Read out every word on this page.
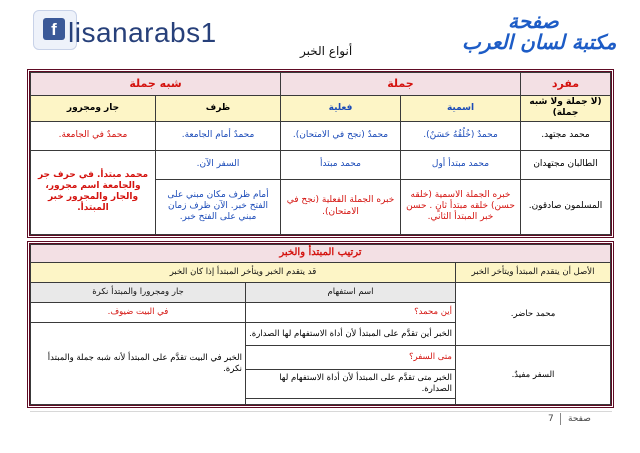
f lisanarabs1	صفحة
مكتبة لسان العرب
أنواع الخبر
مفرد	جملة		شبه جملة	
(لا جملة ولا شبه جملة)	اسمية	فعلية	ظرف	جار ومجرور
محمد مجتهد.	محمدٌ (خُلُقُهُ حَسَنٌ).	محمدٌ (نجح في الامتحان).	محمدٌ أمام الجامعة.	محمدٌ في الجامعة.
الطالبان مجتهدان	محمد مبتدأ أول	محمد مبتدأ	السفر الآن.	محمد مبتدأ. في حرف جر والجامعة اسم مجرور، والجار والمجرور خبر المبتدأ.
المسلمون صادقون.	خبره الجملة الاسمية (خلقه حسن) خلقه مبتدأ ثانٍ . حسن خبر المبتدأ الثاني.	خبره الجملة الفعلية (نجح في الامتحان).	أمام ظرف مكان مبني على الفتح خبر. الآن ظرف زمان مبني على الفتح خبر.	
ترتيب المبتدأ والخبر		
الأصل أن يتقدم المبتدأ ويتأخر الخبر	قد يتقدم الخبر ويتأخر المبتدأ إذا كان الخبر	
محمد حاضر.	اسم استفهام	جار ومجرورا والمبتدأ نكرة
	أين محمد؟	في البيت ضيوف.
	الخبر أين تقدَّم على المبتدأ لأن أداة الاستفهام لها الصدارة.	الخبر في البيت تقدَّم على المبتدأ لأنه شبه جملة والمبتدأ نكرة.
السفر مفيدٌ.	متى السفر؟	
	الخبر متى تقدَّم على المبتدأ لأن أداة الاستفهام لها الصدارة.	

صفحة
7
